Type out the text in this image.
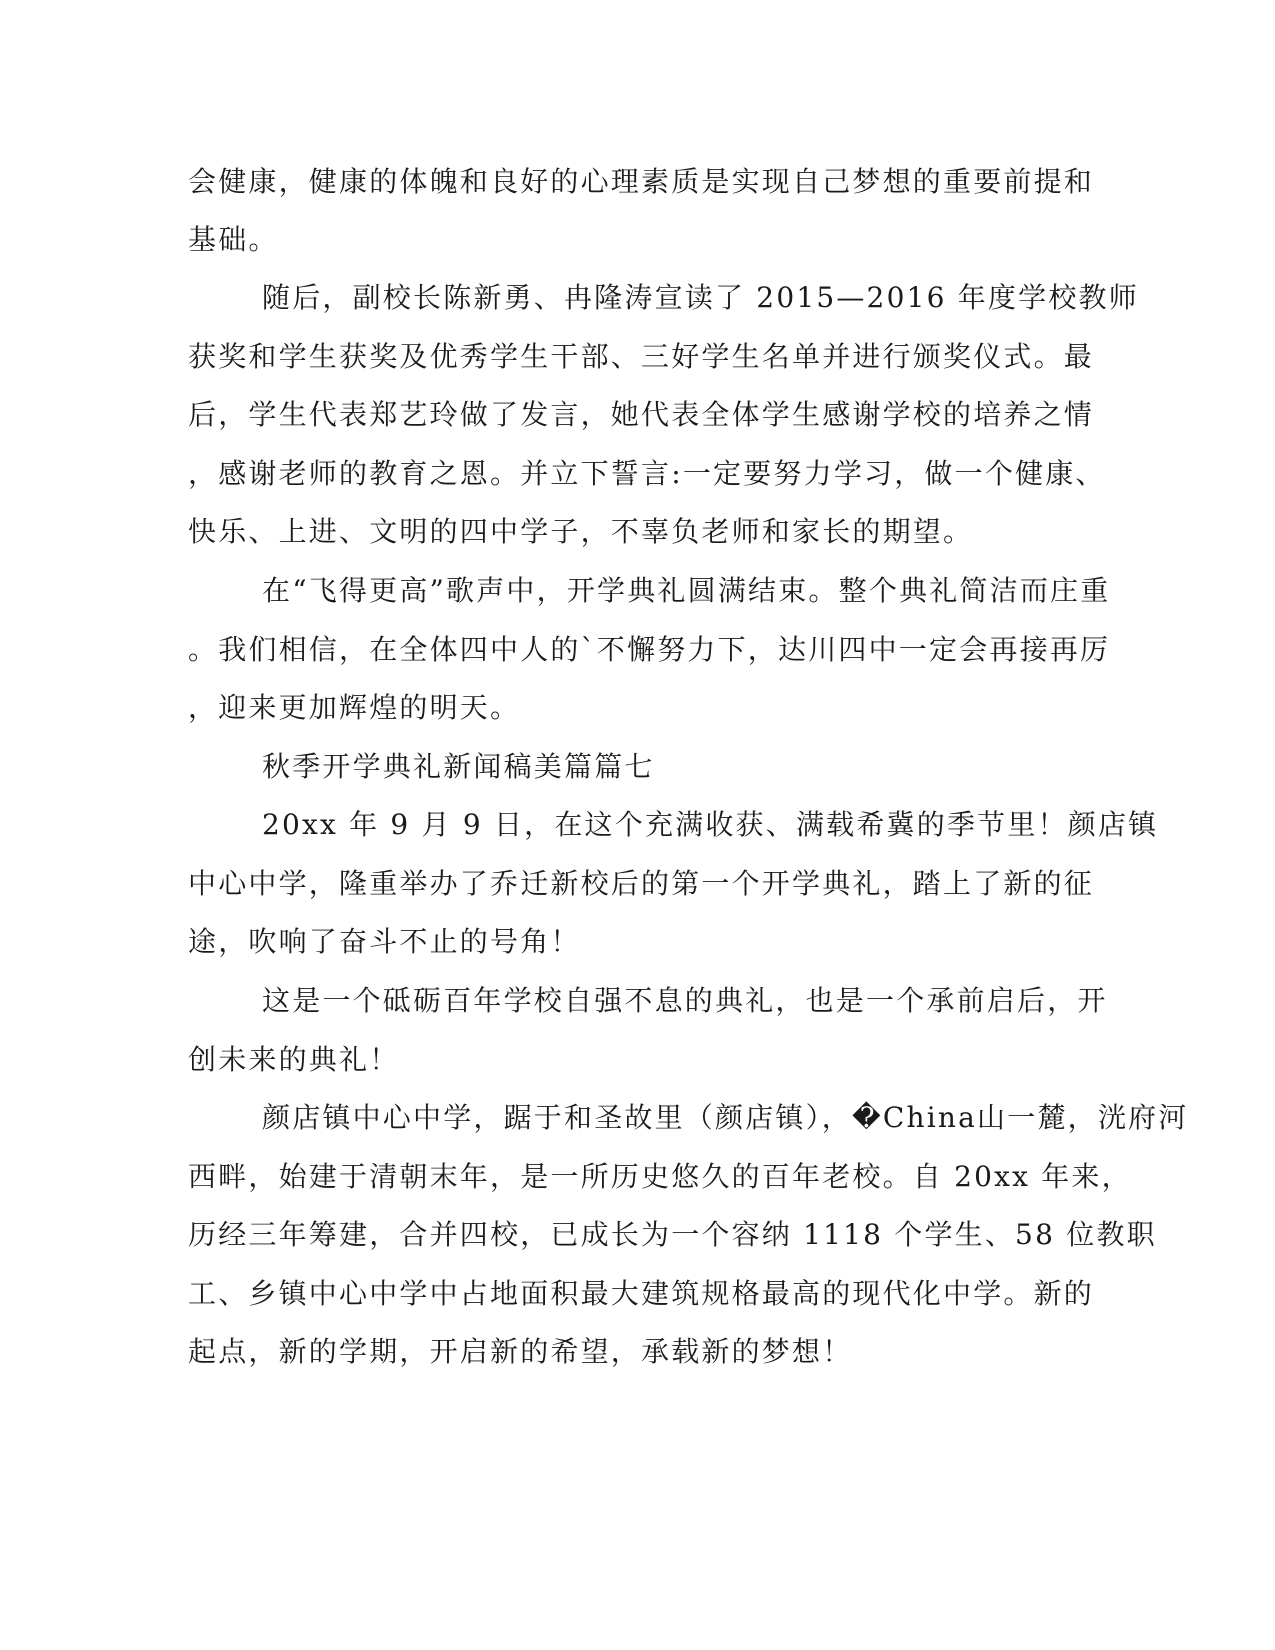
会健康，健康的体魄和良好的心理素质是实现自己梦想的重要前提和
基础。
随后，副校长陈新勇、冉隆涛宣读了 2015—2016 年度学校教师
获奖和学生获奖及优秀学生干部、三好学生名单并进行颁奖仪式。最
后，学生代表郑艺玲做了发言，她代表全体学生感谢学校的培养之情
，感谢老师的教育之恩。并立下誓言:一定要努力学习，做一个健康、
快乐、上进、文明的四中学子，不辜负老师和家长的期望。
在“飞得更高”歌声中，开学典礼圆满结束。整个典礼简洁而庄重
。我们相信，在全体四中人的`不懈努力下，达川四中一定会再接再厉
，迎来更加辉煌的明天。
秋季开学典礼新闻稿美篇篇七
20xx 年 9 月 9 日，在这个充满收获、满载希冀的季节里！颜店镇
中心中学，隆重举办了乔迁新校后的第一个开学典礼，踏上了新的征
途，吹响了奋斗不止的号角！
这是一个砥砺百年学校自强不息的典礼，也是一个承前启后，开
创未来的典礼！
颜店镇中心中学，踞于和圣故里（颜店镇），�China山一麓，洸府河
西畔，始建于清朝末年，是一所历史悠久的百年老校。自 20xx 年来，
历经三年筹建，合并四校，已成长为一个容纳 1118 个学生、58 位教职
工、乡镇中心中学中占地面积最大建筑规格最高的现代化中学。新的
起点，新的学期，开启新的希望，承载新的梦想！
